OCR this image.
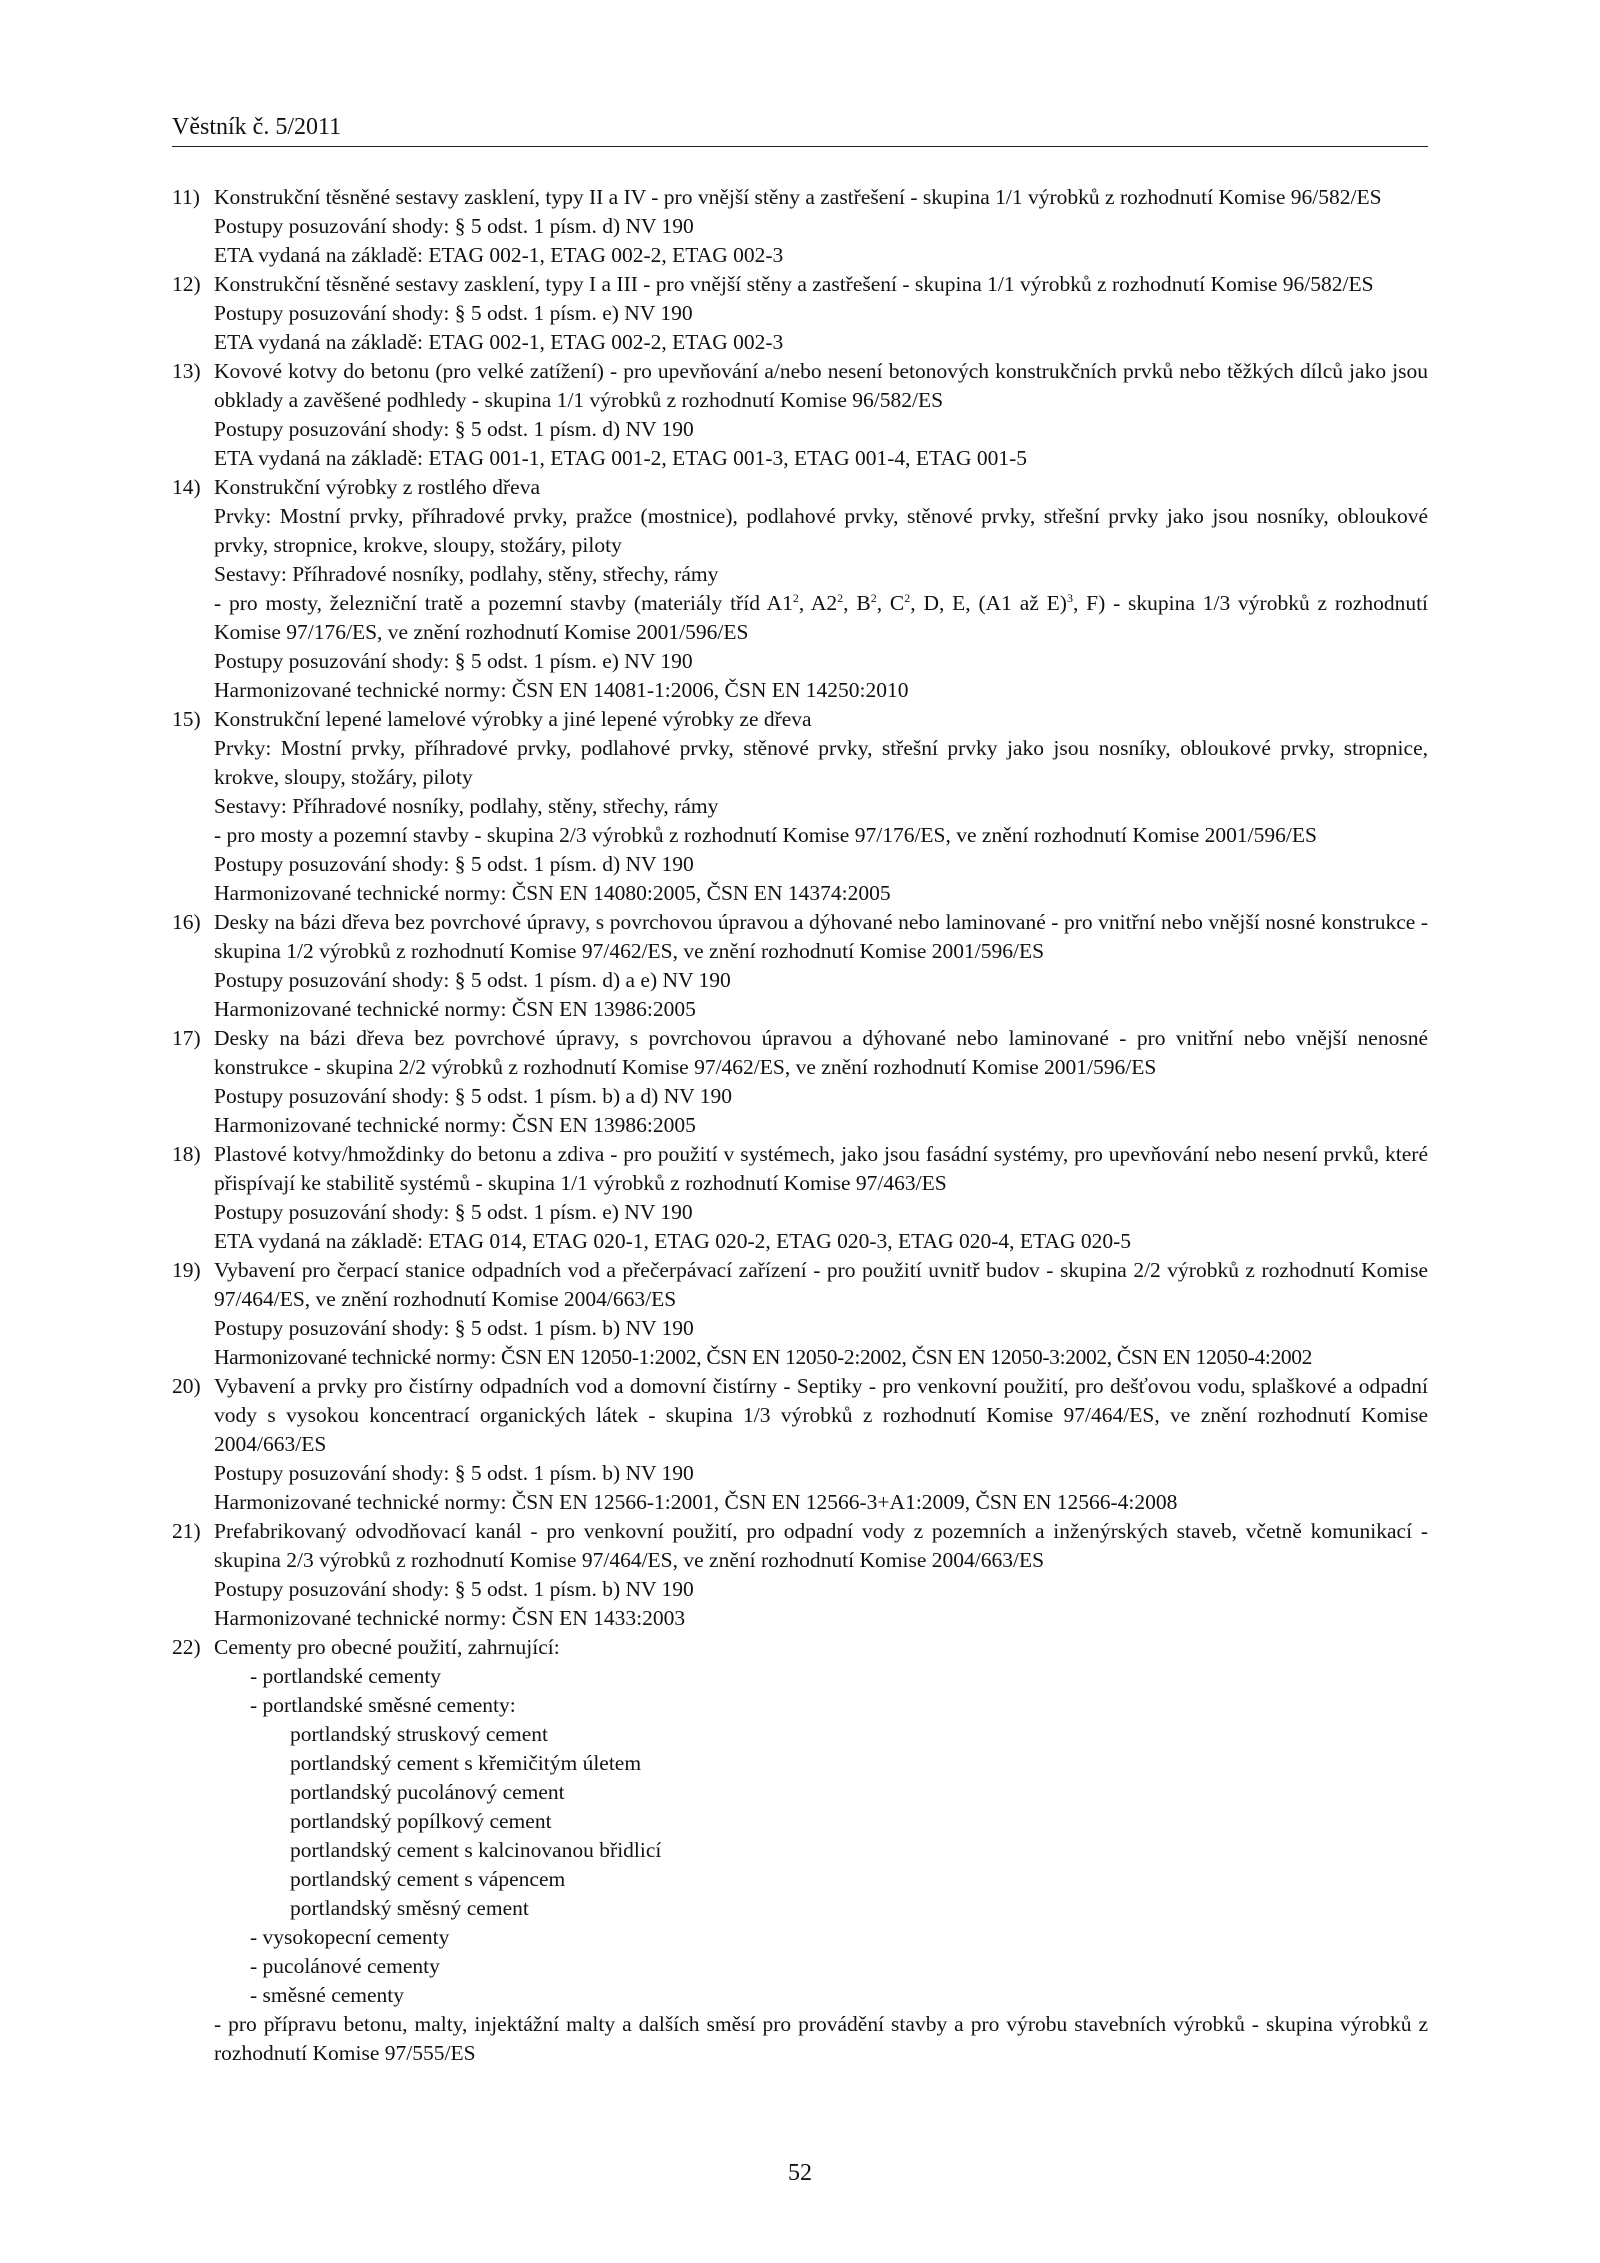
Věstník č. 5/2011
11) Konstrukční těsněné sestavy zasklení, typy II a IV - pro vnější stěny a zastřešení - skupina 1/1 výrobků z rozhodnutí Komise 96/582/ES
Postupy posuzování shody: § 5 odst. 1 písm. d) NV 190
ETA vydaná na základě: ETAG 002-1, ETAG 002-2, ETAG 002-3
12) Konstrukční těsněné sestavy zasklení, typy I a III - pro vnější stěny a zastřešení - skupina 1/1 výrobků z rozhodnutí Komise 96/582/ES
Postupy posuzování shody: § 5 odst. 1 písm. e) NV 190
ETA vydaná na základě: ETAG 002-1, ETAG 002-2, ETAG 002-3
13) Kovové kotvy do betonu (pro velké zatížení) - pro upevňování a/nebo nesení betonových konstrukčních prvků nebo těžkých dílců jako jsou obklady a zavěšené podhledy - skupina 1/1 výrobků z rozhodnutí Komise 96/582/ES
Postupy posuzování shody: § 5 odst. 1 písm. d) NV 190
ETA vydaná na základě: ETAG 001-1, ETAG 001-2, ETAG 001-3, ETAG 001-4, ETAG 001-5
14) Konstrukční výrobky z rostlého dřeva
Prvky: Mostní prvky, příhradové prvky, pražce (mostnice), podlahové prvky, stěnové prvky, střešní prvky jako jsou nosníky, obloukové prvky, stropnice, krokve, sloupy, stožáry, piloty
Sestavy: Příhradové nosníky, podlahy, stěny, střechy, rámy
- pro mosty, železniční tratě a pozemní stavby (materiály tříd $A1^2$, $A2^2$, $B^2$, $C^2$, D, E, (A1 až E)$^3$, F) - skupina 1/3 výrobků z rozhodnutí Komise 97/176/ES, ve znění rozhodnutí Komise 2001/596/ES
Postupy posuzování shody: § 5 odst. 1 písm. e) NV 190
Harmonizované technické normy: ČSN EN 14081-1:2006, ČSN EN 14250:2010
15) Konstrukční lepené lamelové výrobky a jiné lepené výrobky ze dřeva
Prvky: Mostní prvky, příhradové prvky, podlahové prvky, stěnové prvky, střešní prvky jako jsou nosníky, obloukové prvky, stropnice, krokve, sloupy, stožáry, piloty
Sestavy: Příhradové nosníky, podlahy, stěny, střechy, rámy
- pro mosty a pozemní stavby - skupina 2/3 výrobků z rozhodnutí Komise 97/176/ES, ve znění rozhodnutí Komise 2001/596/ES
Postupy posuzování shody: § 5 odst. 1 písm. d) NV 190
Harmonizované technické normy: ČSN EN 14080:2005, ČSN EN 14374:2005
16) Desky na bázi dřeva bez povrchové úpravy, s povrchovou úpravou a dýhované nebo laminované - pro vnitřní nebo vnější nosné konstrukce - skupina 1/2 výrobků z rozhodnutí Komise 97/462/ES, ve znění rozhodnutí Komise 2001/596/ES
Postupy posuzování shody: § 5 odst. 1 písm. d) a e) NV 190
Harmonizované technické normy: ČSN EN 13986:2005
17) Desky na bázi dřeva bez povrchové úpravy, s povrchovou úpravou a dýhované nebo laminované - pro vnitřní nebo vnější nenosné konstrukce - skupina 2/2 výrobků z rozhodnutí Komise 97/462/ES, ve znění rozhodnutí Komise 2001/596/ES
Postupy posuzování shody: § 5 odst. 1 písm. b) a d) NV 190
Harmonizované technické normy: ČSN EN 13986:2005
18) Plastové kotvy/hmoždinky do betonu a zdiva - pro použití v systémech, jako jsou fasádní systémy, pro upevňování nebo nesení prvků, které přispívají ke stabilitě systémů - skupina 1/1 výrobků z rozhodnutí Komise 97/463/ES
Postupy posuzování shody: § 5 odst. 1 písm. e) NV 190
ETA vydaná na základě: ETAG 014, ETAG 020-1, ETAG 020-2, ETAG 020-3, ETAG 020-4, ETAG 020-5
19) Vybavení pro čerpací stanice odpadních vod a přečerpávací zařízení - pro použití uvnitř budov - skupina 2/2 výrobků z rozhodnutí Komise 97/464/ES, ve znění rozhodnutí Komise 2004/663/ES
Postupy posuzování shody: § 5 odst. 1 písm. b) NV 190
Harmonizované technické normy: ČSN EN 12050-1:2002, ČSN EN 12050-2:2002, ČSN EN 12050-3:2002, ČSN EN 12050-4:2002
20) Vybavení a prvky pro čistírny odpadních vod a domovní čistírny - Septiky - pro venkovní použití, pro dešťovou vodu, splaškové a odpadní vody s vysokou koncentrací organických látek - skupina 1/3 výrobků z rozhodnutí Komise 97/464/ES, ve znění rozhodnutí Komise 2004/663/ES
Postupy posuzování shody: § 5 odst. 1 písm. b) NV 190
Harmonizované technické normy: ČSN EN 12566-1:2001, ČSN EN 12566-3+A1:2009, ČSN EN 12566-4:2008
21) Prefabrikovaný odvodňovací kanál - pro venkovní použití, pro odpadní vody z pozemních a inženýrských staveb, včetně komunikací - skupina 2/3 výrobků z rozhodnutí Komise 97/464/ES, ve znění rozhodnutí Komise 2004/663/ES
Postupy posuzování shody: § 5 odst. 1 písm. b) NV 190
Harmonizované technické normy: ČSN EN 1433:2003
22) Cementy pro obecné použití, zahrnující:
- portlandské cementy
- portlandské směsné cementy:
portlandský struskový cement
portlandský cement s křemičitým úletem
portlandský pucolánový cement
portlandský popílkový cement
portlandský cement s kalcinovanou břidlicí
portlandský cement s vápencem
portlandský směsný cement
- vysokopecní cementy
- pucolánové cementy
- směsné cementy
- pro přípravu betonu, malty, injektážní malty a dalších směsí pro provádění stavby a pro výrobu stavebních výrobků - skupina výrobků z rozhodnutí Komise 97/555/ES
52
